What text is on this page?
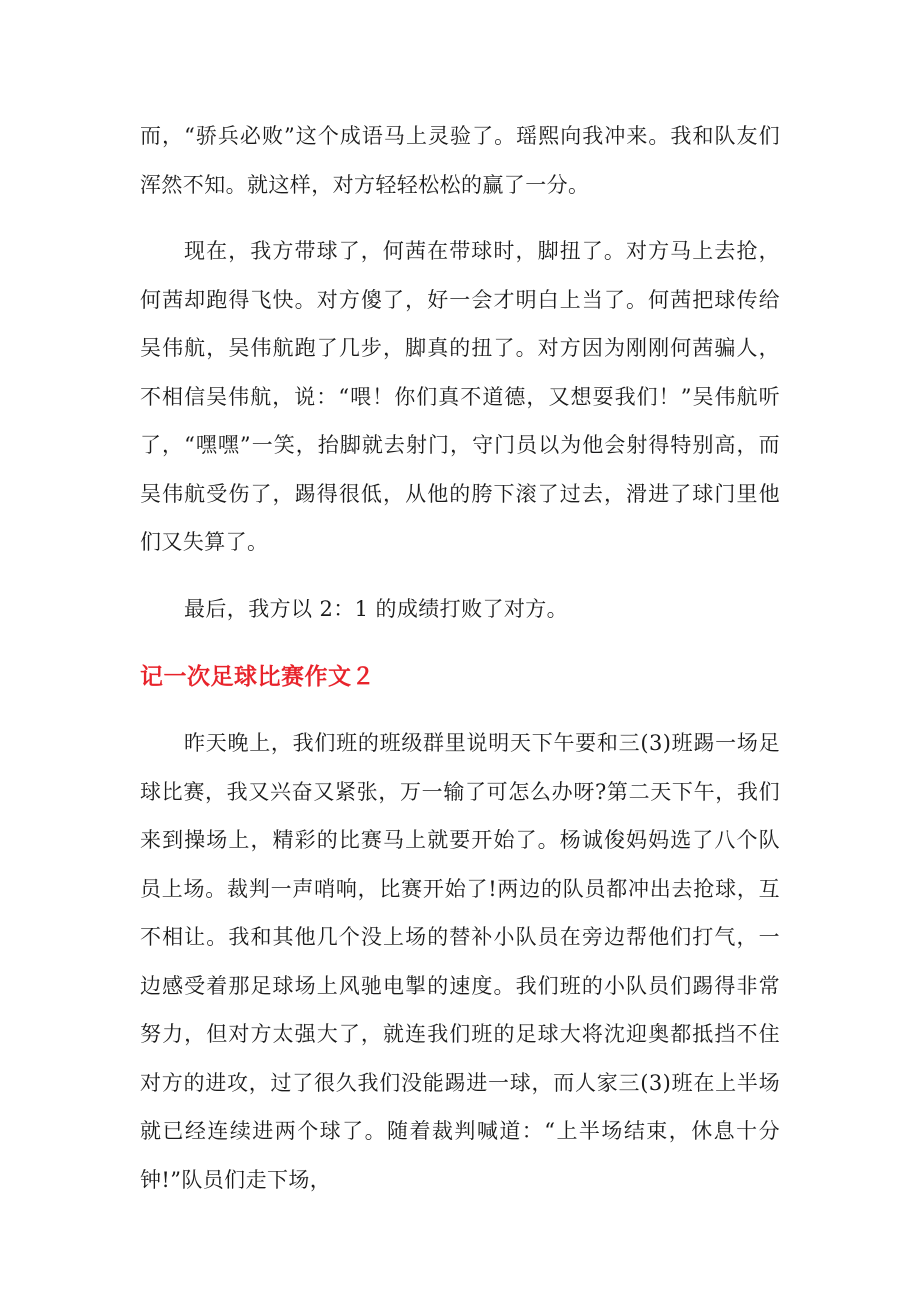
而，“骄兵必败”这个成语马上灵验了。瑶熙向我冲来。我和队友们浑然不知。就这样，对方轻轻松松的赢了一分。

现在，我方带球了，何茜在带球时，脚扭了。对方马上去抢，何茜却跑得飞快。对方傻了，好一会才明白上当了。何茜把球传给吴伟航，吴伟航跑了几步，脚真的扭了。对方因为刚刚何茜骗人，不相信吴伟航，说：“喂！你们真不道德，又想耍我们！”吴伟航听了，“嘿嘿”一笑，抬脚就去射门，守门员以为他会射得特别高，而吴伟航受伤了，踢得很低，从他的胯下滚了过去，滑进了球门里他们又失算了。

最后，我方以 2：1 的成绩打败了对方。

记一次足球比赛作文２

昨天晚上，我们班的班级群里说明天下午要和三(3)班踢一场足球比赛，我又兴奋又紧张，万一输了可怎么办呀?第二天下午，我们来到操场上，精彩的比赛马上就要开始了。杨诚俊妈妈选了八个队员上场。裁判一声哨响，比赛开始了!两边的队员都冲出去抢球，互不相让。我和其他几个没上场的替补小队员在旁边帮他们打气，一边感受着那足球场上风驰电掣的速度。我们班的小队员们踢得非常努力，但对方太强大了，就连我们班的足球大将沈迎奥都抵挡不住对方的进攻，过了很久我们没能踢进一球，而人家三(3)班在上半场就已经连续进两个球了。随着裁判喊道：“上半场结束，休息十分钟!”队员们走下场，
